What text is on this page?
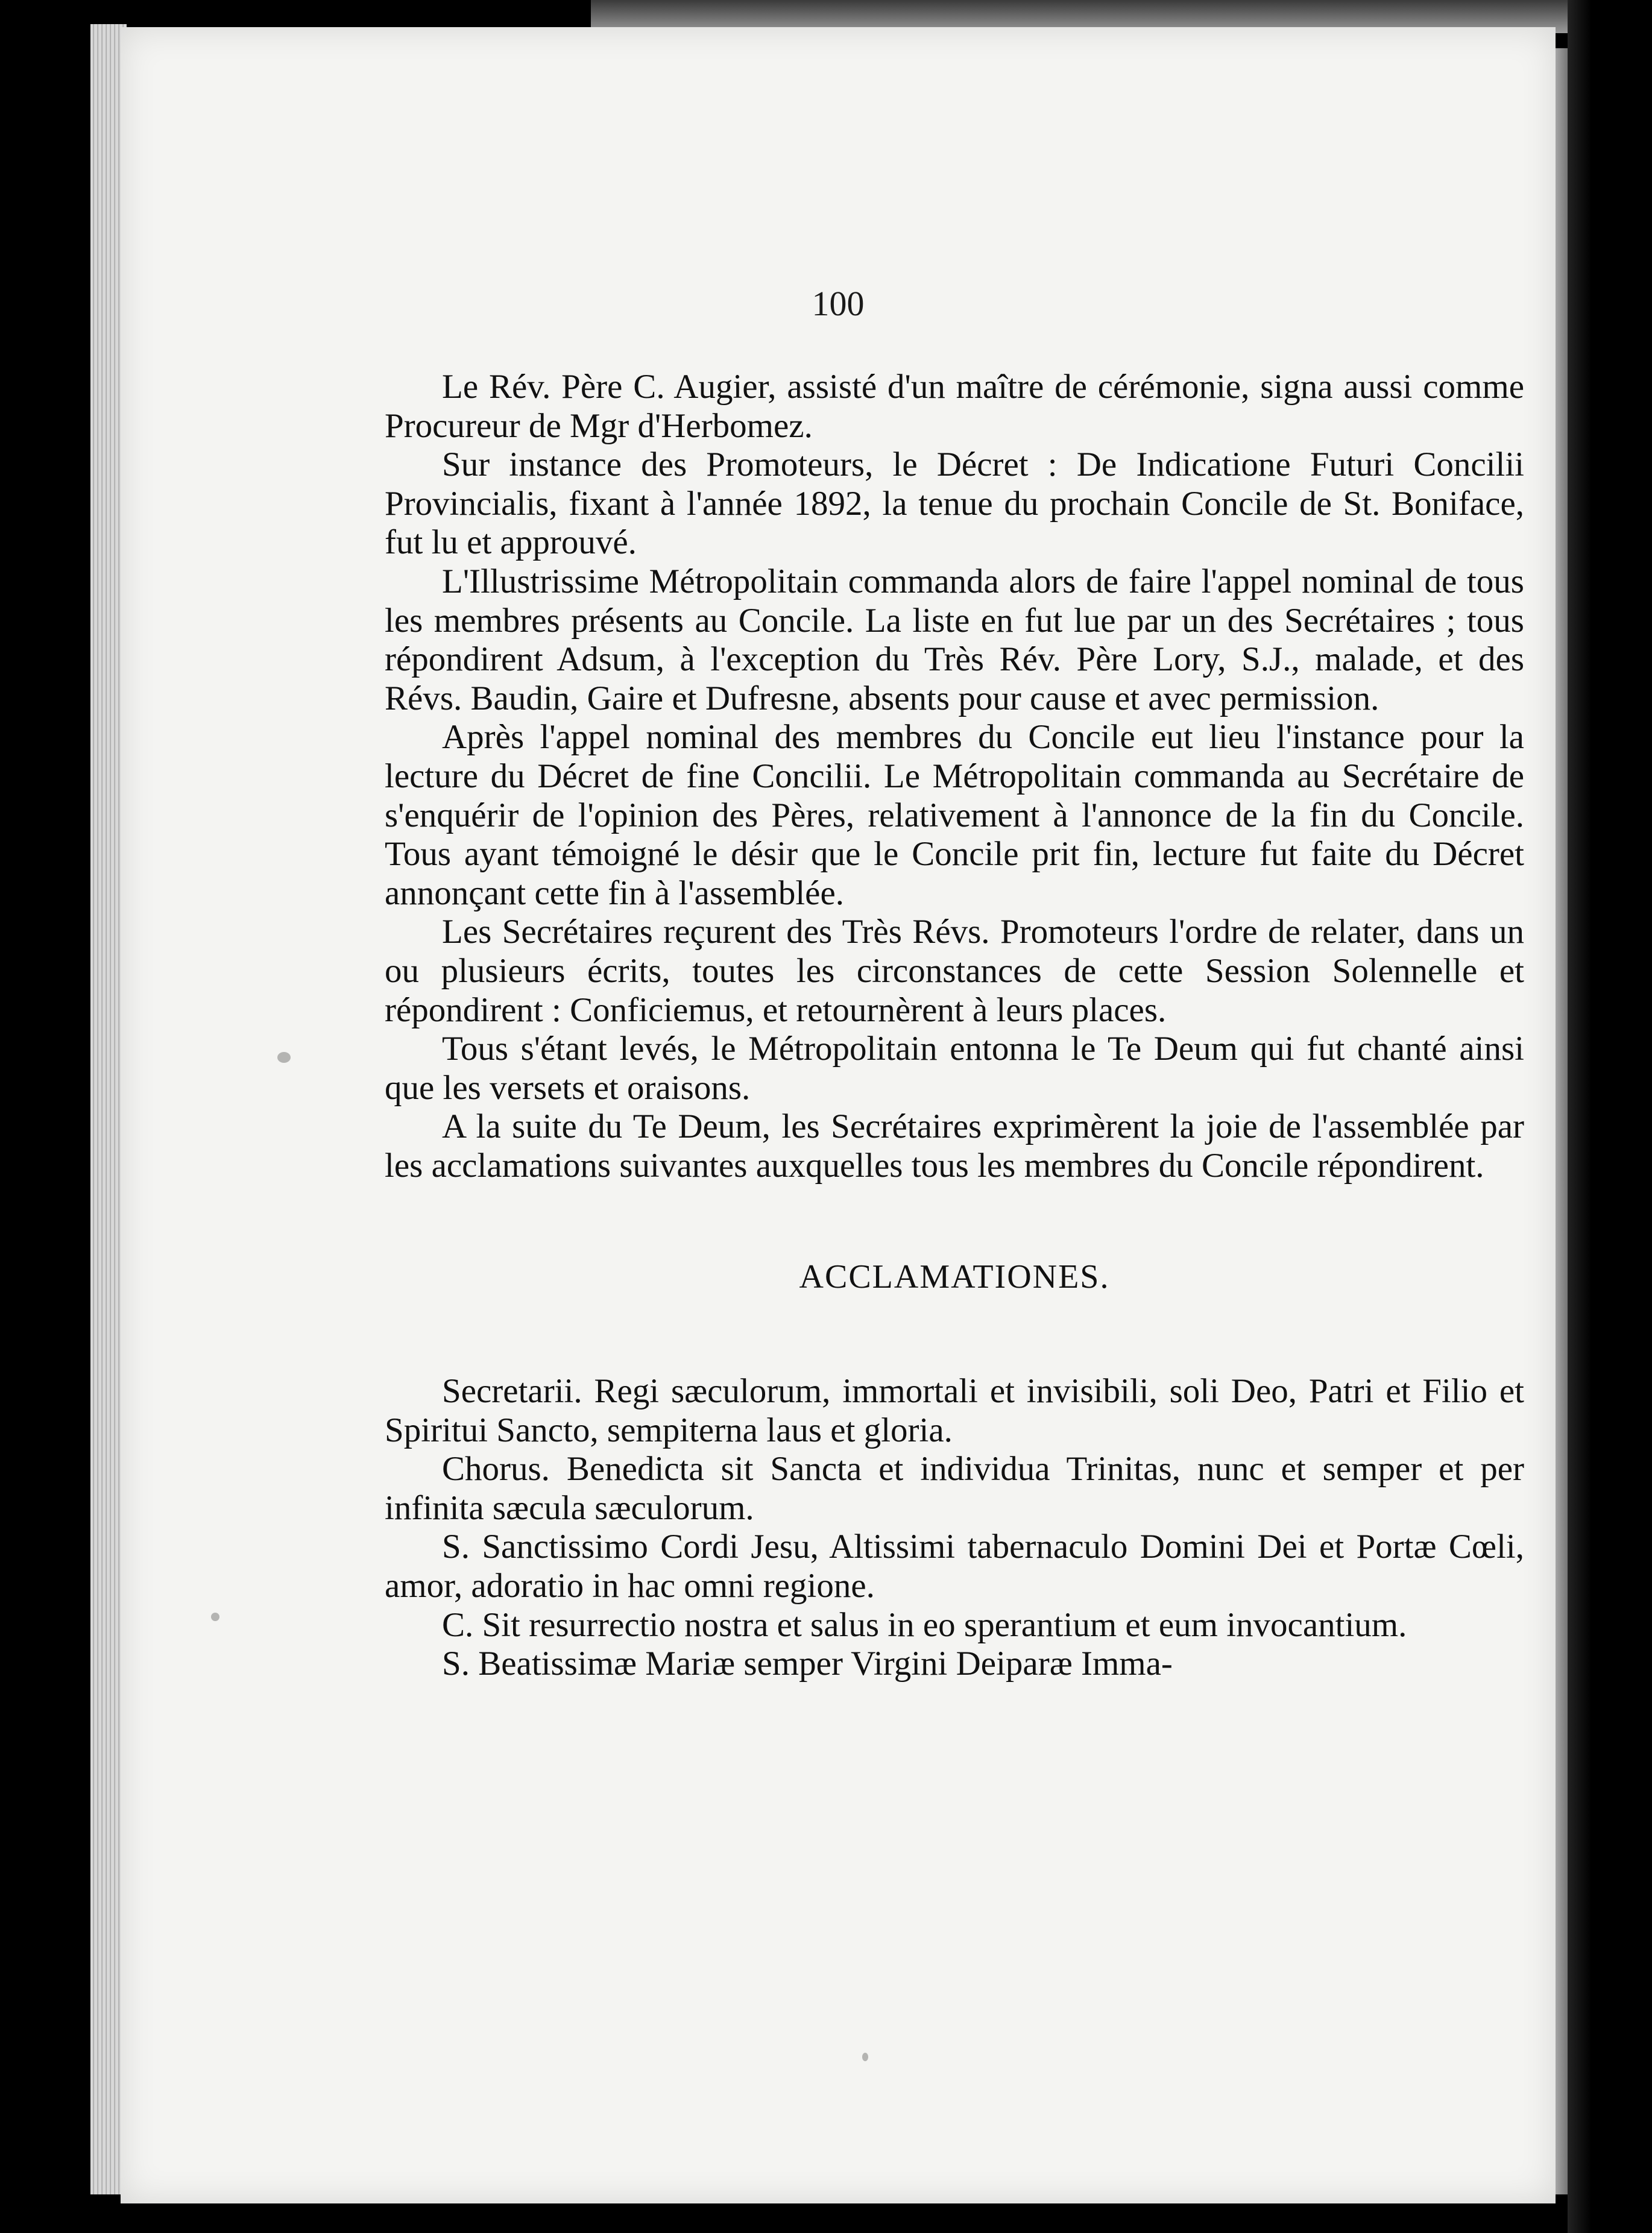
100

Le Rév. Père C. Augier, assisté d'un maître de cérémonie, signa aussi comme Procureur de Mgr d'Herbomez.

Sur instance des Promoteurs, le Décret : De Indicatione Futuri Concilii Provincialis, fixant à l'année 1892, la tenue du prochain Concile de St. Boniface, fut lu et approuvé.

L'Illustrissime Métropolitain commanda alors de faire l'appel nominal de tous les membres présents au Concile. La liste en fut lue par un des Secrétaires ; tous répondirent Adsum, à l'exception du Très Rév. Père Lory, S.J., malade, et des Révs. Baudin, Gaire et Dufresne, absents pour cause et avec permission.

Après l'appel nominal des membres du Concile eut lieu l'instance pour la lecture du Décret de fine Concilii. Le Métropolitain commanda au Secrétaire de s'enquérir de l'opinion des Pères, relativement à l'annonce de la fin du Concile. Tous ayant témoigné le désir que le Concile prit fin, lecture fut faite du Décret annonçant cette fin à l'assemblée.

Les Secrétaires reçurent des Très Révs. Promoteurs l'ordre de relater, dans un ou plusieurs écrits, toutes les circonstances de cette Session Solennelle et répondirent : Conficiemus, et retournèrent à leurs places.

Tous s'étant levés, le Métropolitain entonna le Te Deum qui fut chanté ainsi que les versets et oraisons.

A la suite du Te Deum, les Secrétaires exprimèrent la joie de l'assemblée par les acclamations suivantes auxquelles tous les membres du Concile répondirent.

ACCLAMATIONES.

Secretarii. Regi sæculorum, immortali et invisibili, soli Deo, Patri et Filio et Spiritui Sancto, sempiterna laus et gloria.

Chorus. Benedicta sit Sancta et individua Trinitas, nunc et semper et per infinita sæcula sæculorum.

S. Sanctissimo Cordi Jesu, Altissimi tabernaculo Domini Dei et Portæ Cœli, amor, adoratio in hac omni regione.

C. Sit resurrectio nostra et salus in eo sperantium et eum invocantium.

S. Beatissimæ Mariæ semper Virgini Deiparæ Imma-
